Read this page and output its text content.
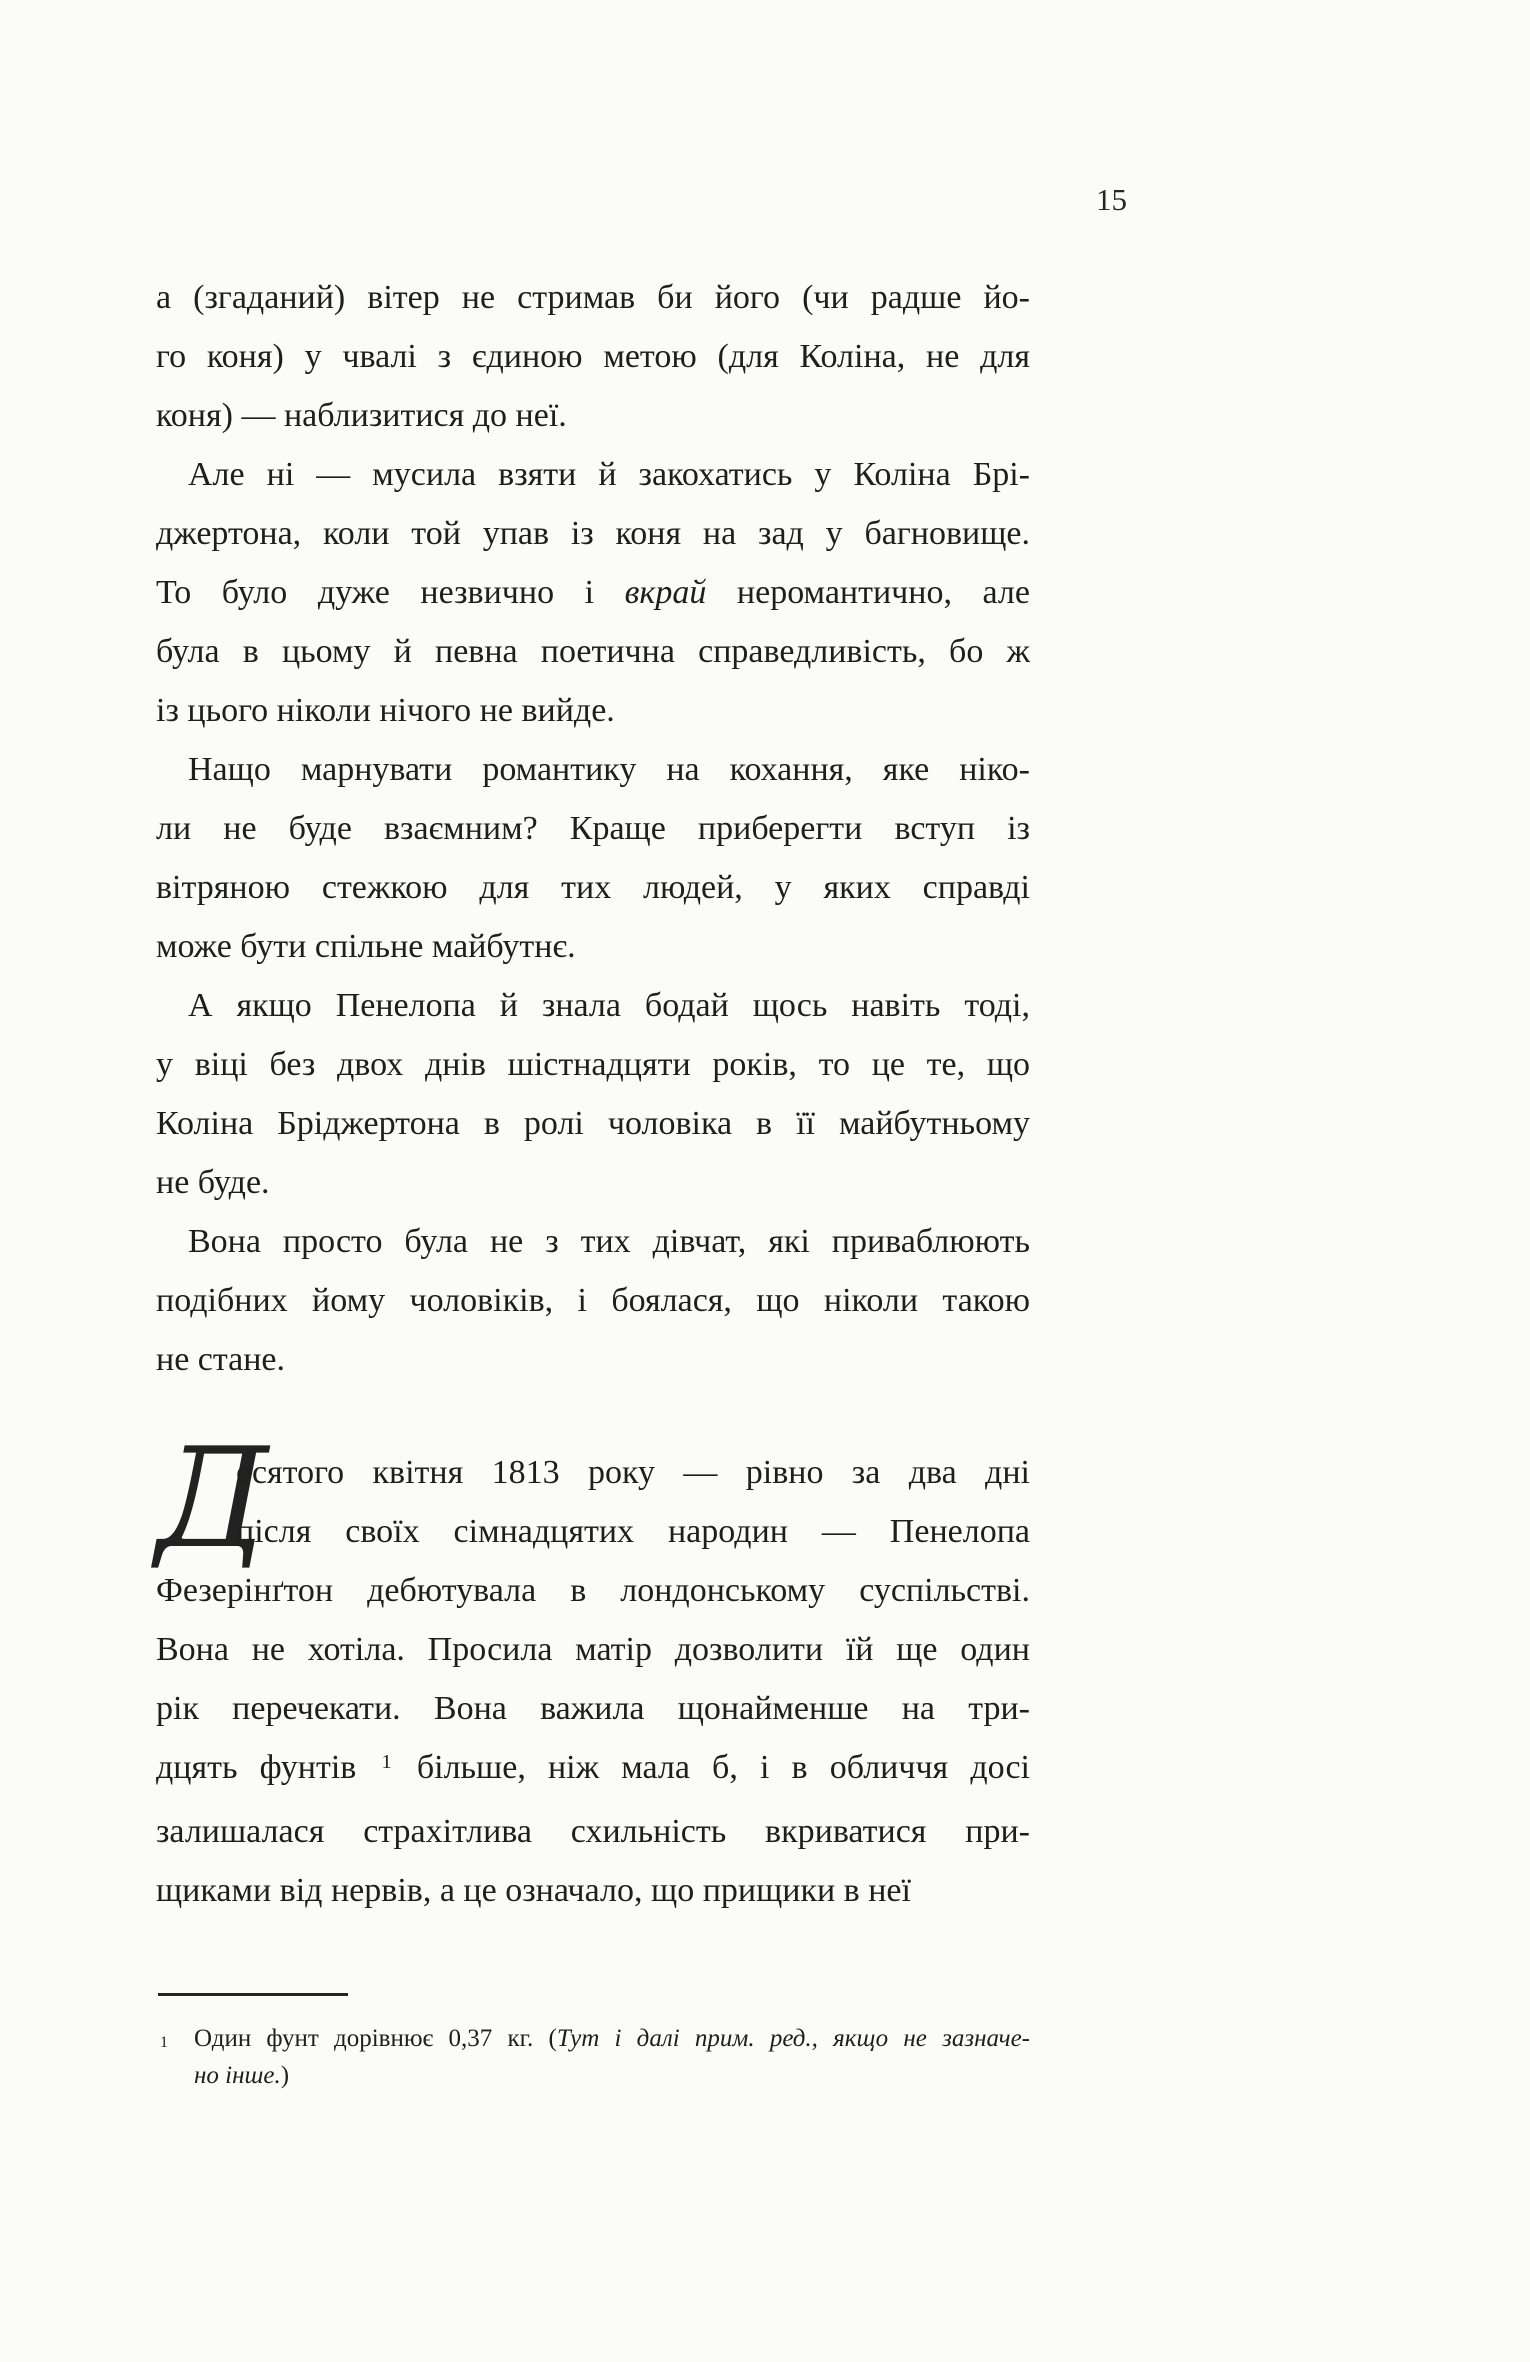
15
а (згаданий) вітер не стримав би його (чи радше йо-
го коня) у чвалі з єдиною метою (для Коліна, не для
коня) — наблизитися до неї.
Але ні — мусила взяти й закохатись у Коліна Брі-
джертона, коли той упав із коня на зад у багновище.
То було дуже незвично і вкрай неромантично, але
була в цьому й певна поетична справедливість, бо ж
із цього ніколи нічого не вийде.
Нащо марнувати романтику на кохання, яке ніко-
ли не буде взаємним? Краще приберегти вступ із
вітряною стежкою для тих людей, у яких справді
може бути спільне майбутнє.
А якщо Пенелопа й знала бодай щось навіть тоді,
у віці без двох днів шістнадцяти років, то це те, що
Коліна Бріджертона в ролі чоловіка в її майбутньому
не буде.
Вона просто була не з тих дівчат, які приваблюють
подібних йому чоловіків, і боялася, що ніколи такою
не стане.
Д
есятого квітня 1813 року — рівно за два дні
після своїх сімнадцятих народин — Пенелопа
Фезерінґтон дебютувала в лондонському суспільстві.
Вона не хотіла. Просила матір дозволити їй ще один
рік перечекати. Вона важила щонайменше на три-
дцять фунтів $^1$ більше, ніж мала б, і в обличчя досі
залишалася страхітлива схильність вкриватися при-
щиками від нервів, а це означало, що прищики в неї
1 Один фунт дорівнює 0,37 кг. (Тут і далі прим. ред., якщо не зазначе-
но інше.)
